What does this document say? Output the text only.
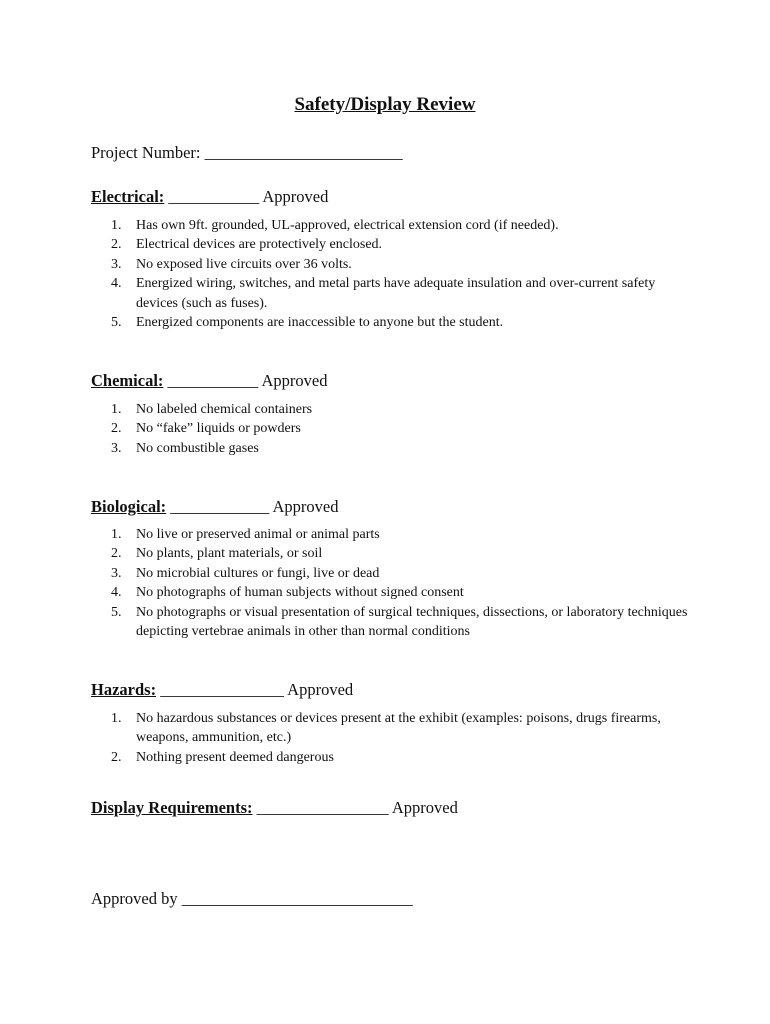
Safety/Display Review
Project Number: ________________________
Electrical: ___________ Approved
1. Has own 9ft. grounded, UL-approved, electrical extension cord (if needed).
2. Electrical devices are protectively enclosed.
3. No exposed live circuits over 36 volts.
4. Energized wiring, switches, and metal parts have adequate insulation and over-current safety devices (such as fuses).
5. Energized components are inaccessible to anyone but the student.
Chemical: ___________ Approved
1. No labeled chemical containers
2. No “fake” liquids or powders
3. No combustible gases
Biological: ____________ Approved
1. No live or preserved animal or animal parts
2. No plants, plant materials, or soil
3. No microbial cultures or fungi, live or dead
4. No photographs of human subjects without signed consent
5. No photographs or visual presentation of surgical techniques, dissections, or laboratory techniques depicting vertebrae animals in other than normal conditions
Hazards: _______________ Approved
1. No hazardous substances or devices present at the exhibit (examples: poisons, drugs firearms, weapons, ammunition, etc.)
2. Nothing present deemed dangerous
Display Requirements: ________________ Approved
Approved by ____________________________
